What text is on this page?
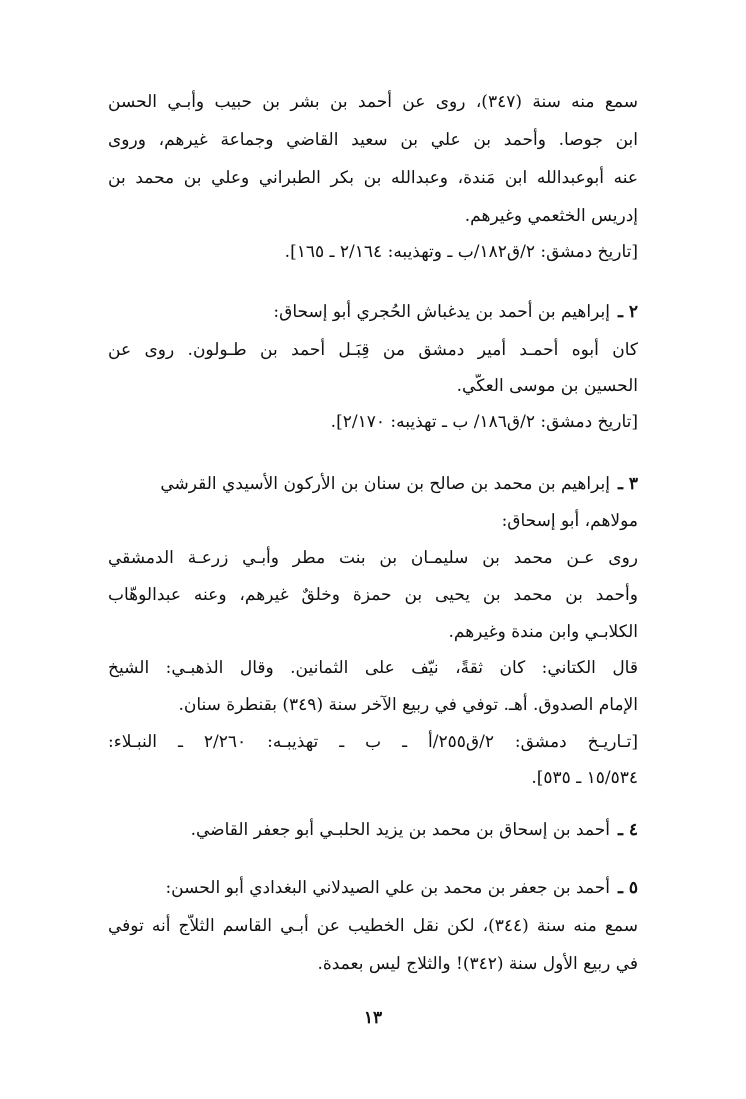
سمع منه سنة (٣٤٧)، روى عن أحمد بن بشر بن حبيب وأبـي الحسن
ابن جوصا. وأحمد بن علي بن سعيد القاضي وجماعة غيرهم، وروى
عنه أبوعبدالله ابن مَندة، وعبدالله بن بكر الطبراني وعلي بن محمد بن
إدريس الخثعمي وغيرهم.
[تاريخ دمشق: ٢/ق١٨٢/ب ـ وتهذيبه: ٢/١٦٤ ـ ١٦٥].
٢ ـإبراهيم بن أحمد بن يدغباش الحُجري أبو إسحاق:
كان أبوه أحمـد أمير دمشق من قِبَـل أحمد بن طـولون. روى عن
الحسين بن موسى العكّي.
[تاريخ دمشق: ٢/ق١٨٦/ ب ـ تهذيبه: ٢/١٧٠].
٣ ـإبراهيم بن محمد بن صالح بن سنان بن الأركون الأُسيدي القرشي
مولاهم، أبو إسحاق:
روى عـن محمد بن سليمـان بن بنت مطر وأبـي زرعـة الدمشقي
وأحمد بن محمد بن يحيى بن حمزة وخلقٌ غيرهم، وعنه عبدالوهّاب
الكلابـي وابن مندة وغيرهم.
قال الكتاني: كان ثقةً، نيّف على الثمانين. وقال الذهبـي: الشيخ
الإمام الصدوق. أهـ. توفي في ربيع الآخر سنة (٣٤٩) بقنطرة سنان.
[تـاريـخ دمشق: ٢/ق٢٥٥/أ ـ ب ـ تهذيبـه: ٢/٢٦٠ ـ النبـلاء:
١٥/٥٣٤ ـ ٥٣٥].
٤ ـأحمد بن إسحاق بن محمد بن يزيد الحلبـي أبو جعفر القاضي.
٥ ـأحمد بن جعفر بن محمد بن علي الصيدلاني البغدادي أبو الحسن:
سمع منه سنة (٣٤٤)، لكن نقل الخطيب عن أبـي القاسم الثلاّج أنه توفي
في ربيع الأول سنة (٣٤٢)! والثلاج ليس بعمدة.
١٣
